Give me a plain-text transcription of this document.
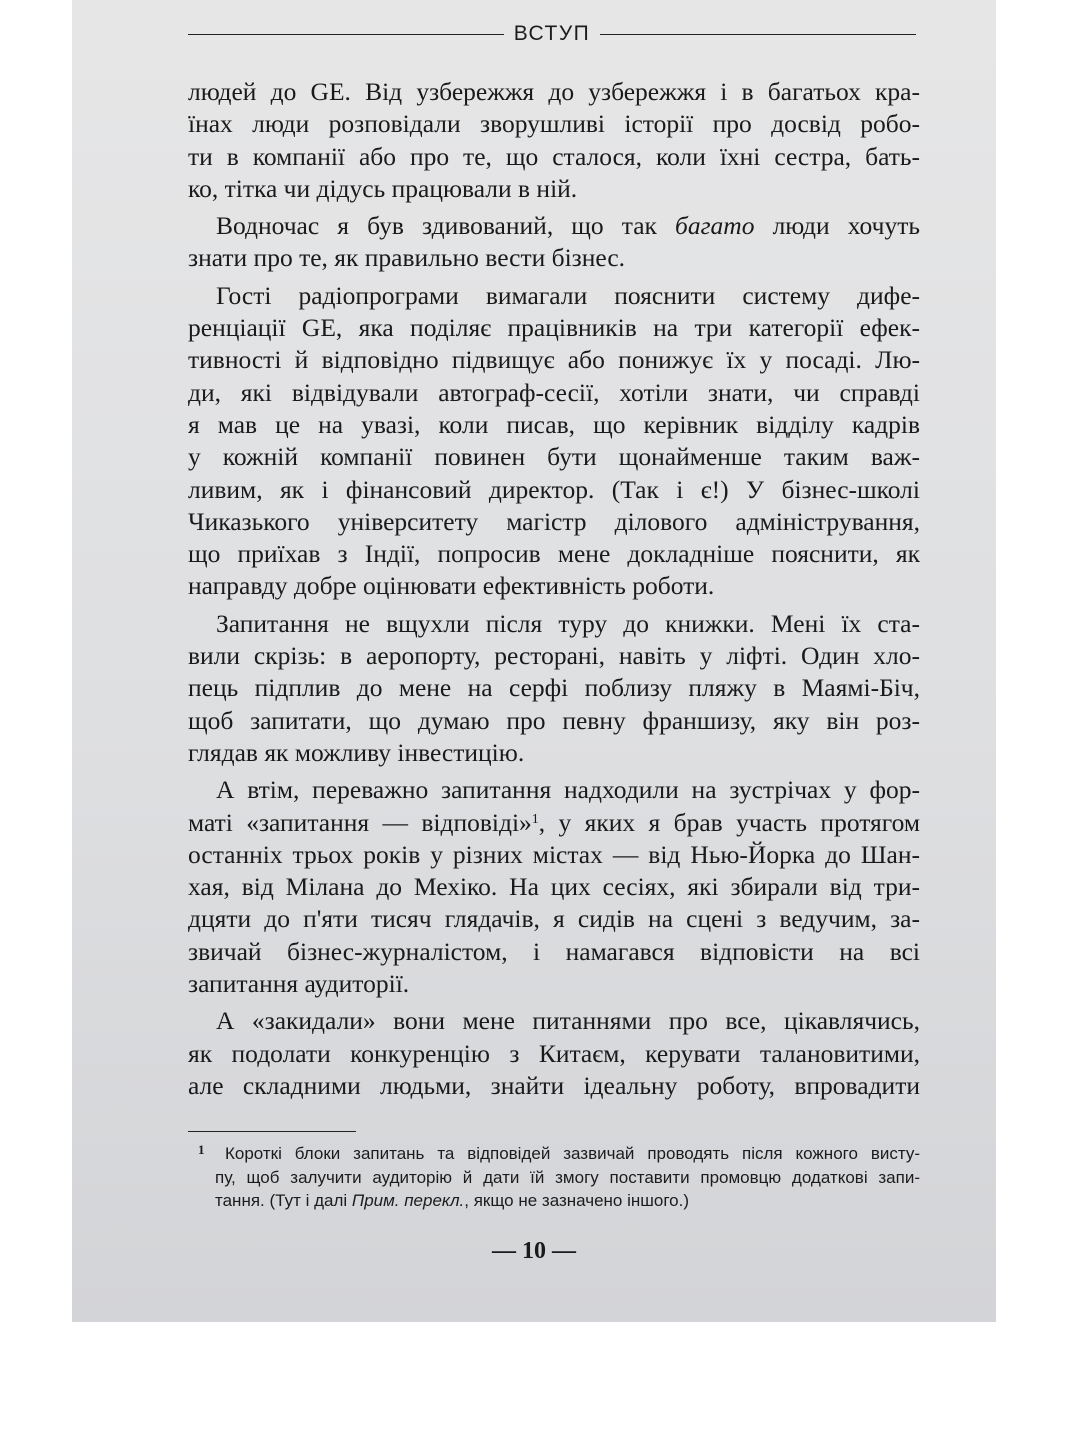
ВСТУП
людей до GE. Від узбережжя до узбережжя і в багатьох кра-
їнах люди розповідали зворушливі історії про досвід робо-
ти в компанії або про те, що сталося, коли їхні сестра, бать-
ко, тітка чи дідусь працювали в ній.
Водночас я був здивований, що так багато люди хочуть
знати про те, як правильно вести бізнес.
Гості радіопрограми вимагали пояснити систему дифе-
ренціації GE, яка поділяє працівників на три категорії ефек-
тивності й відповідно підвищує або понижує їх у посаді. Лю-
ди, які відвідували автограф-сесії, хотіли знати, чи справді
я мав це на увазі, коли писав, що керівник відділу кадрів
у кожній компанії повинен бути щонайменше таким важ-
ливим, як і фінансовий директор. (Так і є!) У бізнес-школі
Чиказького університету магістр ділового адміністрування,
що приїхав з Індії, попросив мене докладніше пояснити, як
направду добре оцінювати ефективність роботи.
Запитання не вщухли після туру до книжки. Мені їх ста-
вили скрізь: в аеропорту, ресторані, навіть у ліфті. Один хло-
пець підплив до мене на серфі поблизу пляжу в Маямі-Біч,
щоб запитати, що думаю про певну франшизу, яку він роз-
глядав як можливу інвестицію.
А втім, переважно запитання надходили на зустрічах у фор-
маті «запитання — відповіді»$^1$, у яких я брав участь протягом
останніх трьох років у різних містах — від Нью-Йорка до Шан-
хая, від Мілана до Мехіко. На цих сесіях, які збирали від три-
дцяти до п'яти тисяч глядачів, я сидів на сцені з ведучим, за-
звичай бізнес-журналістом, і намагався відповісти на всі
запитання аудиторії.
А «закидали» вони мене питаннями про все, цікавлячись,
як подолати конкуренцію з Китаєм, керувати талановитими,
але складними людьми, знайти ідеальну роботу, впровадити
1	Короткі блоки запитань та відповідей зазвичай проводять після кожного висту-
пу, щоб залучити аудиторію й дати їй змогу поставити промовцю додаткові запи-
тання. (Тут і далі Прим. перекл., якщо не зазначено іншого.)
— 10 —
